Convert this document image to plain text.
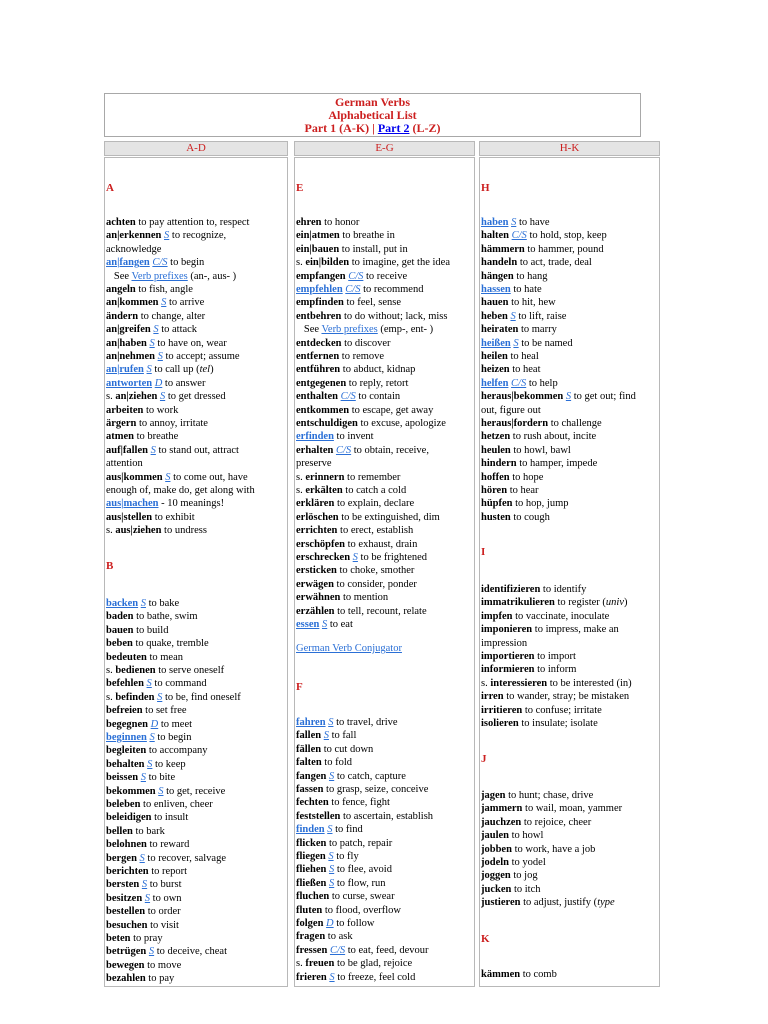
German Verbs
Alphabetical List
Part 1 (A-K) | Part 2 (L-Z)
A-D	E-G	H-K
German Verb Conjugator
A
achten to pay attention to, respect
an|erkennen S to recognize,
acknowledge
an|fangen C/S to begin
See Verb prefixes (an-, aus- )
angeln to fish, angle
an|kommen S to arrive
ändern to change, alter
an|greifen S to attack
an|haben S to have on, wear
an|nehmen S to accept; assume
an|rufen S to call up (tel)
antworten D to answer
s. an|ziehen S to get dressed
arbeiten to work
ärgern to annoy, irritate
atmen to breathe
auf|fallen S to stand out, attract
attention
aus|kommen S to come out, have
enough of, make do, get along with
aus|machen - 10 meanings!
aus|stellen to exhibit
s. aus|ziehen to undress
B
backen S to bake
baden to bathe, swim
bauen to build
beben to quake, tremble
bedeuten to mean
s. bedienen to serve oneself
befehlen S to command
s. befinden S to be, find oneself
befreien to set free
begegnen D to meet
beginnen S to begin
begleiten to accompany
behalten S to keep
beissen S to bite
bekommen S to get, receive
beleben to enliven, cheer
beleidigen to insult
bellen to bark
belohnen to reward
bergen S to recover, salvage
berichten to report
bersten S to burst
besitzen S to own
bestellen to order
besuchen to visit
beten to pray
betrügen S to deceive, cheat
bewegen to move
bezahlen to pay
E
ehren to honor
ein|atmen to breathe in
ein|bauen to install, put in
s. ein|bilden to imagine, get the idea
empfangen C/S to receive
empfehlen C/S to recommend
empfinden to feel, sense
entbehren to do without; lack, miss
See Verb prefixes (emp-, ent- )
entdecken to discover
entfernen to remove
entführen to abduct, kidnap
entgegenen to reply, retort
enthalten C/S to contain
entkommen to escape, get away
entschuldigen to excuse, apologize
erfinden to invent
erhalten C/S to obtain, receive,
preserve
s. erinnern to remember
s. erkälten to catch a cold
erklären to explain, declare
erlöschen to be extinguished, dim
errichten to erect, establish
erschöpfen to exhaust, drain
erschrecken S to be frightened
ersticken to choke, smother
erwägen to consider, ponder
erwähnen to mention
erzählen to tell, recount, relate
essen S to eat
F
fahren S to travel, drive
fallen S to fall
fällen to cut down
falten to fold
fangen S to catch, capture
fassen to grasp, seize, conceive
fechten to fence, fight
feststellen to ascertain, establish
finden S to find
flicken to patch, repair
fliegen S to fly
fliehen S to flee, avoid
fließen S to flow, run
fluchen to curse, swear
fluten to flood, overflow
folgen D to follow
fragen to ask
fressen C/S to eat, feed, devour
s. freuen to be glad, rejoice
frieren S to freeze, feel cold
H
haben S to have
halten C/S to hold, stop, keep
hämmern to hammer, pound
handeln to act, trade, deal
hängen to hang
hassen to hate
hauen to hit, hew
heben S to lift, raise
heiraten to marry
heißen S to be named
heilen to heal
heizen to heat
helfen C/S to help
heraus|bekommen S to get out; find
out, figure out
heraus|fordern to challenge
hetzen to rush about, incite
heulen to howl, bawl
hindern to hamper, impede
hoffen to hope
hören to hear
hüpfen to hop, jump
husten to cough
I
identifizieren to identify
immatrikulieren to register (univ)
impfen to vaccinate, inoculate
imponieren to impress, make an
impression
importieren to import
informieren to inform
s. interessieren to be interested (in)
irren to wander, stray; be mistaken
irritieren to confuse; irritate
isolieren to insulate; isolate
J
jagen to hunt; chase, drive
jammern to wail, moan, yammer
jauchzen to rejoice, cheer
jaulen to howl
jobben to work, have a job
jodeln to yodel
joggen to jog
jucken to itch
justieren to adjust, justify (type
K
kämmen to comb
